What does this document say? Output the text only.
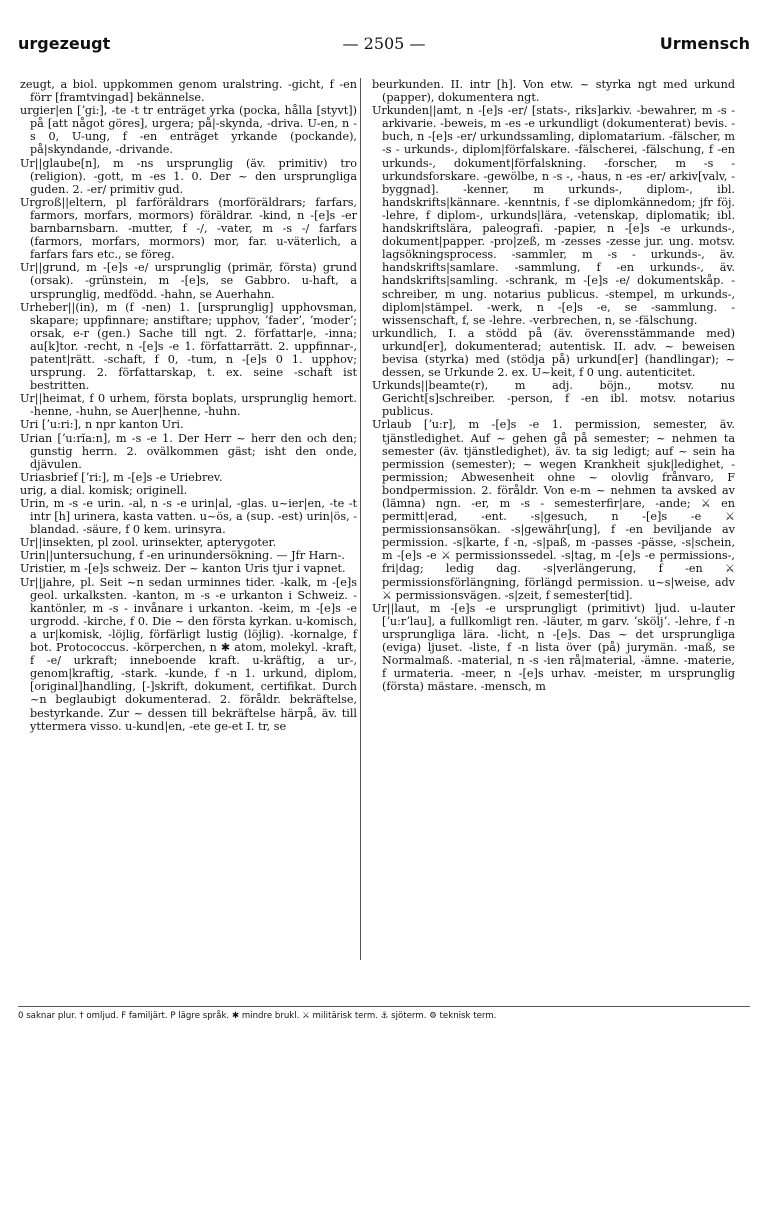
urgezeugt	— 2505 —	Urmensch

zeugt, a biol. uppkommen genom uralstring. -gicht, f -en förr [framtvingad] bekännelse.

urgier|en [ʼgi:], -te -t tr enträget yrka (pocka, hålla [styvt]) på [att något göres], urgera; på|-skynda, -driva. U-en, n -s 0, U-ung, f -en enträget yrkande (pockande), på|skyndande, -drivande.

Ur||glaube[n], m -ns ursprunglig (äv. primitiv) tro (religion). -gott, m -es 1. 0. Der ~ den ursprungliga guden. 2. -er/ primitiv gud.

Urgroß||eltern, pl farföräldrars (morföräldrars; farfars, farmors, morfars, mormors) föräldrar. -kind, n -[e]s -er barnbarnsbarn. -mutter, f -/, -vater, m -s -/ farfars (farmors, morfars, mormors) mor, far. u-väterlich, a farfars fars etc., se föreg.

Ur||grund, m -[e]s -e/ ursprunglig (primär, första) grund (orsak). -grünstein, m -[e]s, se Gabbro. u-haft, a ursprunglig, medfödd. -hahn, se Auerhahn.

Urheber||(in), m (f -nen) 1. [ursprunglig] upphovsman, skapare; uppfinnare; anstiftare; upphov, ʼfaderʼ, ʼmoderʼ; orsak, e-r (gen.) Sache till ngt. 2. författar|e, -inna; au[k]tor. -recht, n -[e]s -e 1. författarrätt. 2. uppfinnar-, patent|rätt. -schaft, f 0, -tum, n -[e]s 0 1. upphov; ursprung. 2. författarskap, t. ex. seine -schaft ist bestritten.

Ur||heimat, f 0 urhem, första boplats, ursprunglig hemort. -henne, -huhn, se Auer|henne, -huhn.

Uri [ʼu:ri:], n npr kanton Uri.

Urian [ʼu:rĭa:n], m -s -e 1. Der Herr ~ herr den och den; gunstig herrn. 2. ovälkommen gäst; isht den onde, djävulen.

Uriasbrief [ʼri:], m -[e]s -e Uriebrev.

urig, a dial. komisk; originell.

Urin, m -s -e urin. -al, n -s -e urin|al, -glas. u~ier|en, -te -t intr [h] urinera, kasta vatten. u~ös, a (sup. -est) urin|ös, -blandad. -säure, f 0 kem. urinsyra.

Ur||insekten, pl zool. urinsekter, apterygoter.

Urin||untersuchung, f -en urinundersökning. — Jfr Harn-.

Uristier, m -[e]s schweiz. Der ~ kanton Uris tjur i vapnet.

Ur||jahre, pl. Seit ~n sedan urminnes tider. -kalk, m -[e]s geol. urkalksten. -kanton, m -s -e urkanton i Schweiz. -kantönler, m -s - invånare i urkanton. -keim, m -[e]s -e urgrodd. -kirche, f 0. Die ~ den första kyrkan. u-komisch, a ur|komisk, -löjlig, förfärligt lustig (löjlig). -kornalge, f bot. Protococcus. -körperchen, n ✱ atom, molekyl. -kraft, f -e/ urkraft; inneboende kraft. u-kräftig, a ur-, genom|kraftig, -stark. -kunde, f -n 1. urkund, diplom, [original]handling, [-]skrift, dokument, certifikat. Durch ~n beglaubigt dokumenterad. 2. föråldr. bekräftelse, bestyrkande. Zur ~ dessen till bekräftelse härpå, äv. till yttermera visso. u-kund|en, -ete ge-et I. tr, se

beurkunden. II. intr [h]. Von etw. ~ styrka ngt med urkund (papper), dokumentera ngt.

Urkunden||amt, n -[e]s -er/ [stats-, riks]arkiv. -bewahrer, m -s - arkivarie. -beweis, m -es -e urkundligt (dokumenterat) bevis. -buch, n -[e]s -er/ urkundssamling, diplomatarium. -fälscher, m -s - urkunds-, diplom|förfalskare. -fälscherei, -fälschung, f -en urkunds-, dokument|förfalskning. -forscher, m -s - urkundsforskare. -gewölbe, n -s -, -haus, n -es -er/ arkiv[valv, -byggnad]. -kenner, m urkunds-, diplom-, ibl. handskrifts|kännare. -kenntnis, f -se diplomkännedom; jfr föj. -lehre, f diplom-, urkunds|lära, -vetenskap, diplomatik; ibl. handskriftslära, paleografi. -papier, n -[e]s -e urkunds-, dokument|papper. -pro|zeß, m -zesses -zesse jur. ung. motsv. lagsökningsprocess. -sammler, m -s - urkunds-, äv. handskrifts|samlare. -sammlung, f -en urkunds-, äv. handskrifts|samling. -schrank, m -[e]s -e/ dokumentskåp. -schreiber, m ung. notarius publicus. -stempel, m urkunds-, diplom|stämpel. -werk, n -[e]s -e, se -sammlung. -wissenschaft, f, se -lehre. -verbrechen, n, se -fälschung.

urkundlich, I. a stödd på (äv. överensstämmande med) urkund[er], dokumenterad; autentisk. II. adv. ~ beweisen bevisa (styrka) med (stödja på) urkund[er] (handlingar); ~ dessen, se Urkunde 2. ex. U~keit, f 0 ung. autenticitet.

Urkunds||beamte(r), m adj. böjn., motsv. nu Gericht[s]schreiber. -person, f -en ibl. motsv. notarius publicus.

Urlaub [ʼu:r], m -[e]s -e 1. permission, semester, äv. tjänstledighet. Auf ~ gehen gå på semester; ~ nehmen ta semester (äv. tjänstledighet), äv. ta sig ledigt; auf ~ sein ha permission (semester); ~ wegen Krankheit sjuk|ledighet, -permission; Abwesenheit ohne ~ olovlig frånvaro, F bondpermission. 2. föråldr. Von e-m ~ nehmen ta avsked av (lämna) ngn. -er, m -s - semesterfir|are, -ande; ⚔ en permitt|erad, -ent. -s|gesuch, n -[e]s -e ⚔ permissionsansökan. -s|gewähr[ung], f -en beviljande av permission. -s|karte, f -n, -s|paß, m -passes -pässe, -s|schein, m -[e]s -e ⚔ permissionssedel. -s|tag, m -[e]s -e permissions-, fri|dag; ledig dag. -s|verlängerung, f -en ⚔ permissionsförlängning, förlängd permission. u~s|weise, adv ⚔ permissionsvägen. -s|zeit, f semester[tid].

Ur||laut, m -[e]s -e ursprungligt (primitivt) ljud. u-lauter [ʼu:rʼlau], a fullkomligt ren. -läuter, m garv. ʼsköljʼ. -lehre, f -n ursprungliga lära. -licht, n -[e]s. Das ~ det ursprungliga (eviga) ljuset. -liste, f -n lista över (på) jurymän. -maß, se Normalmaß. -material, n -s -ien rå|material, -ämne. -materie, f urmateria. -meer, n -[e]s urhav. -meister, m ursprunglig (första) mästare. -mensch, m

0 saknar plur. † omljud. F familjärt. P lägre språk. ✱ mindre brukl. ⚔ militärisk term. ⚓ sjöterm. ⚙ teknisk term.
